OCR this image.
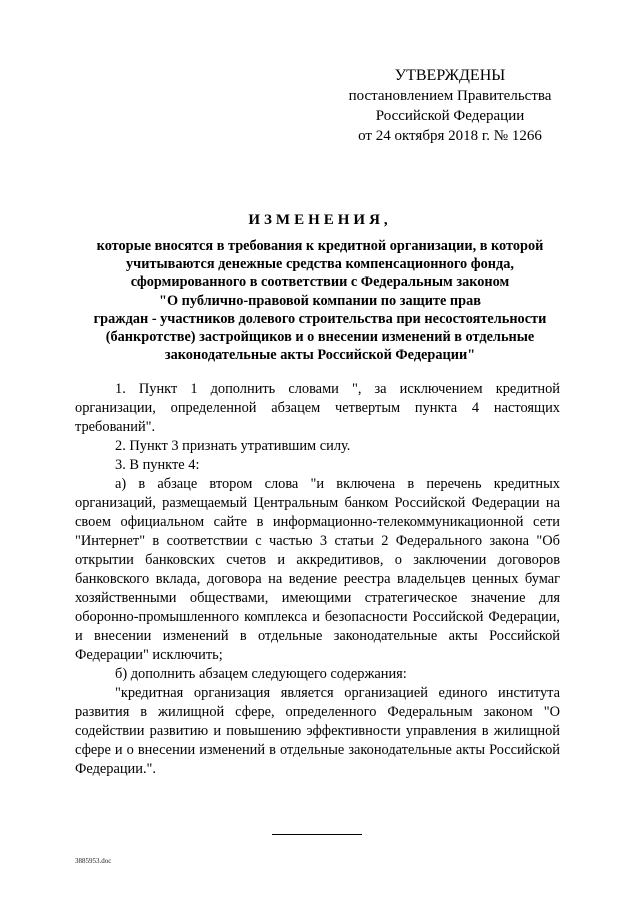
УТВЕРЖДЕНЫ
постановлением Правительства
Российской Федерации
от 24 октября 2018 г. № 1266
ИЗМЕНЕНИЯ,
которые вносятся в требования к кредитной организации, в которой
учитываются денежные средства компенсационного фонда,
сформированного в соответствии с Федеральным законом
"О публично-правовой компании по защите прав
граждан - участников долевого строительства при несостоятельности
(банкротстве) застройщиков и о внесении изменений в отдельные
законодательные акты Российской Федерации"

1. Пункт 1 дополнить словами ", за исключением кредитной организации, определенной абзацем четвертым пункта 4 настоящих требований".

2. Пункт 3 признать утратившим силу.

3. В пункте 4:

а) в абзаце втором слова "и включена в перечень кредитных организаций, размещаемый Центральным банком Российской Федерации на своем официальном сайте в информационно-телекоммуникационной сети "Интернет" в соответствии с частью 3 статьи 2 Федерального закона "Об открытии банковских счетов и аккредитивов, о заключении договоров банковского вклада, договора на ведение реестра владельцев ценных бумаг хозяйственными обществами, имеющими стратегическое значение для оборонно-промышленного комплекса и безопасности Российской Федерации, и внесении изменений в отдельные законодательные акты Российской Федерации" исключить;

б) дополнить абзацем следующего содержания:

"кредитная организация является организацией единого института развития в жилищной сфере, определенного Федеральным законом "О содействии развитию и повышению эффективности управления в жилищной сфере и о внесении изменений в отдельные законодательные акты Российской Федерации.".

3885953.doc
